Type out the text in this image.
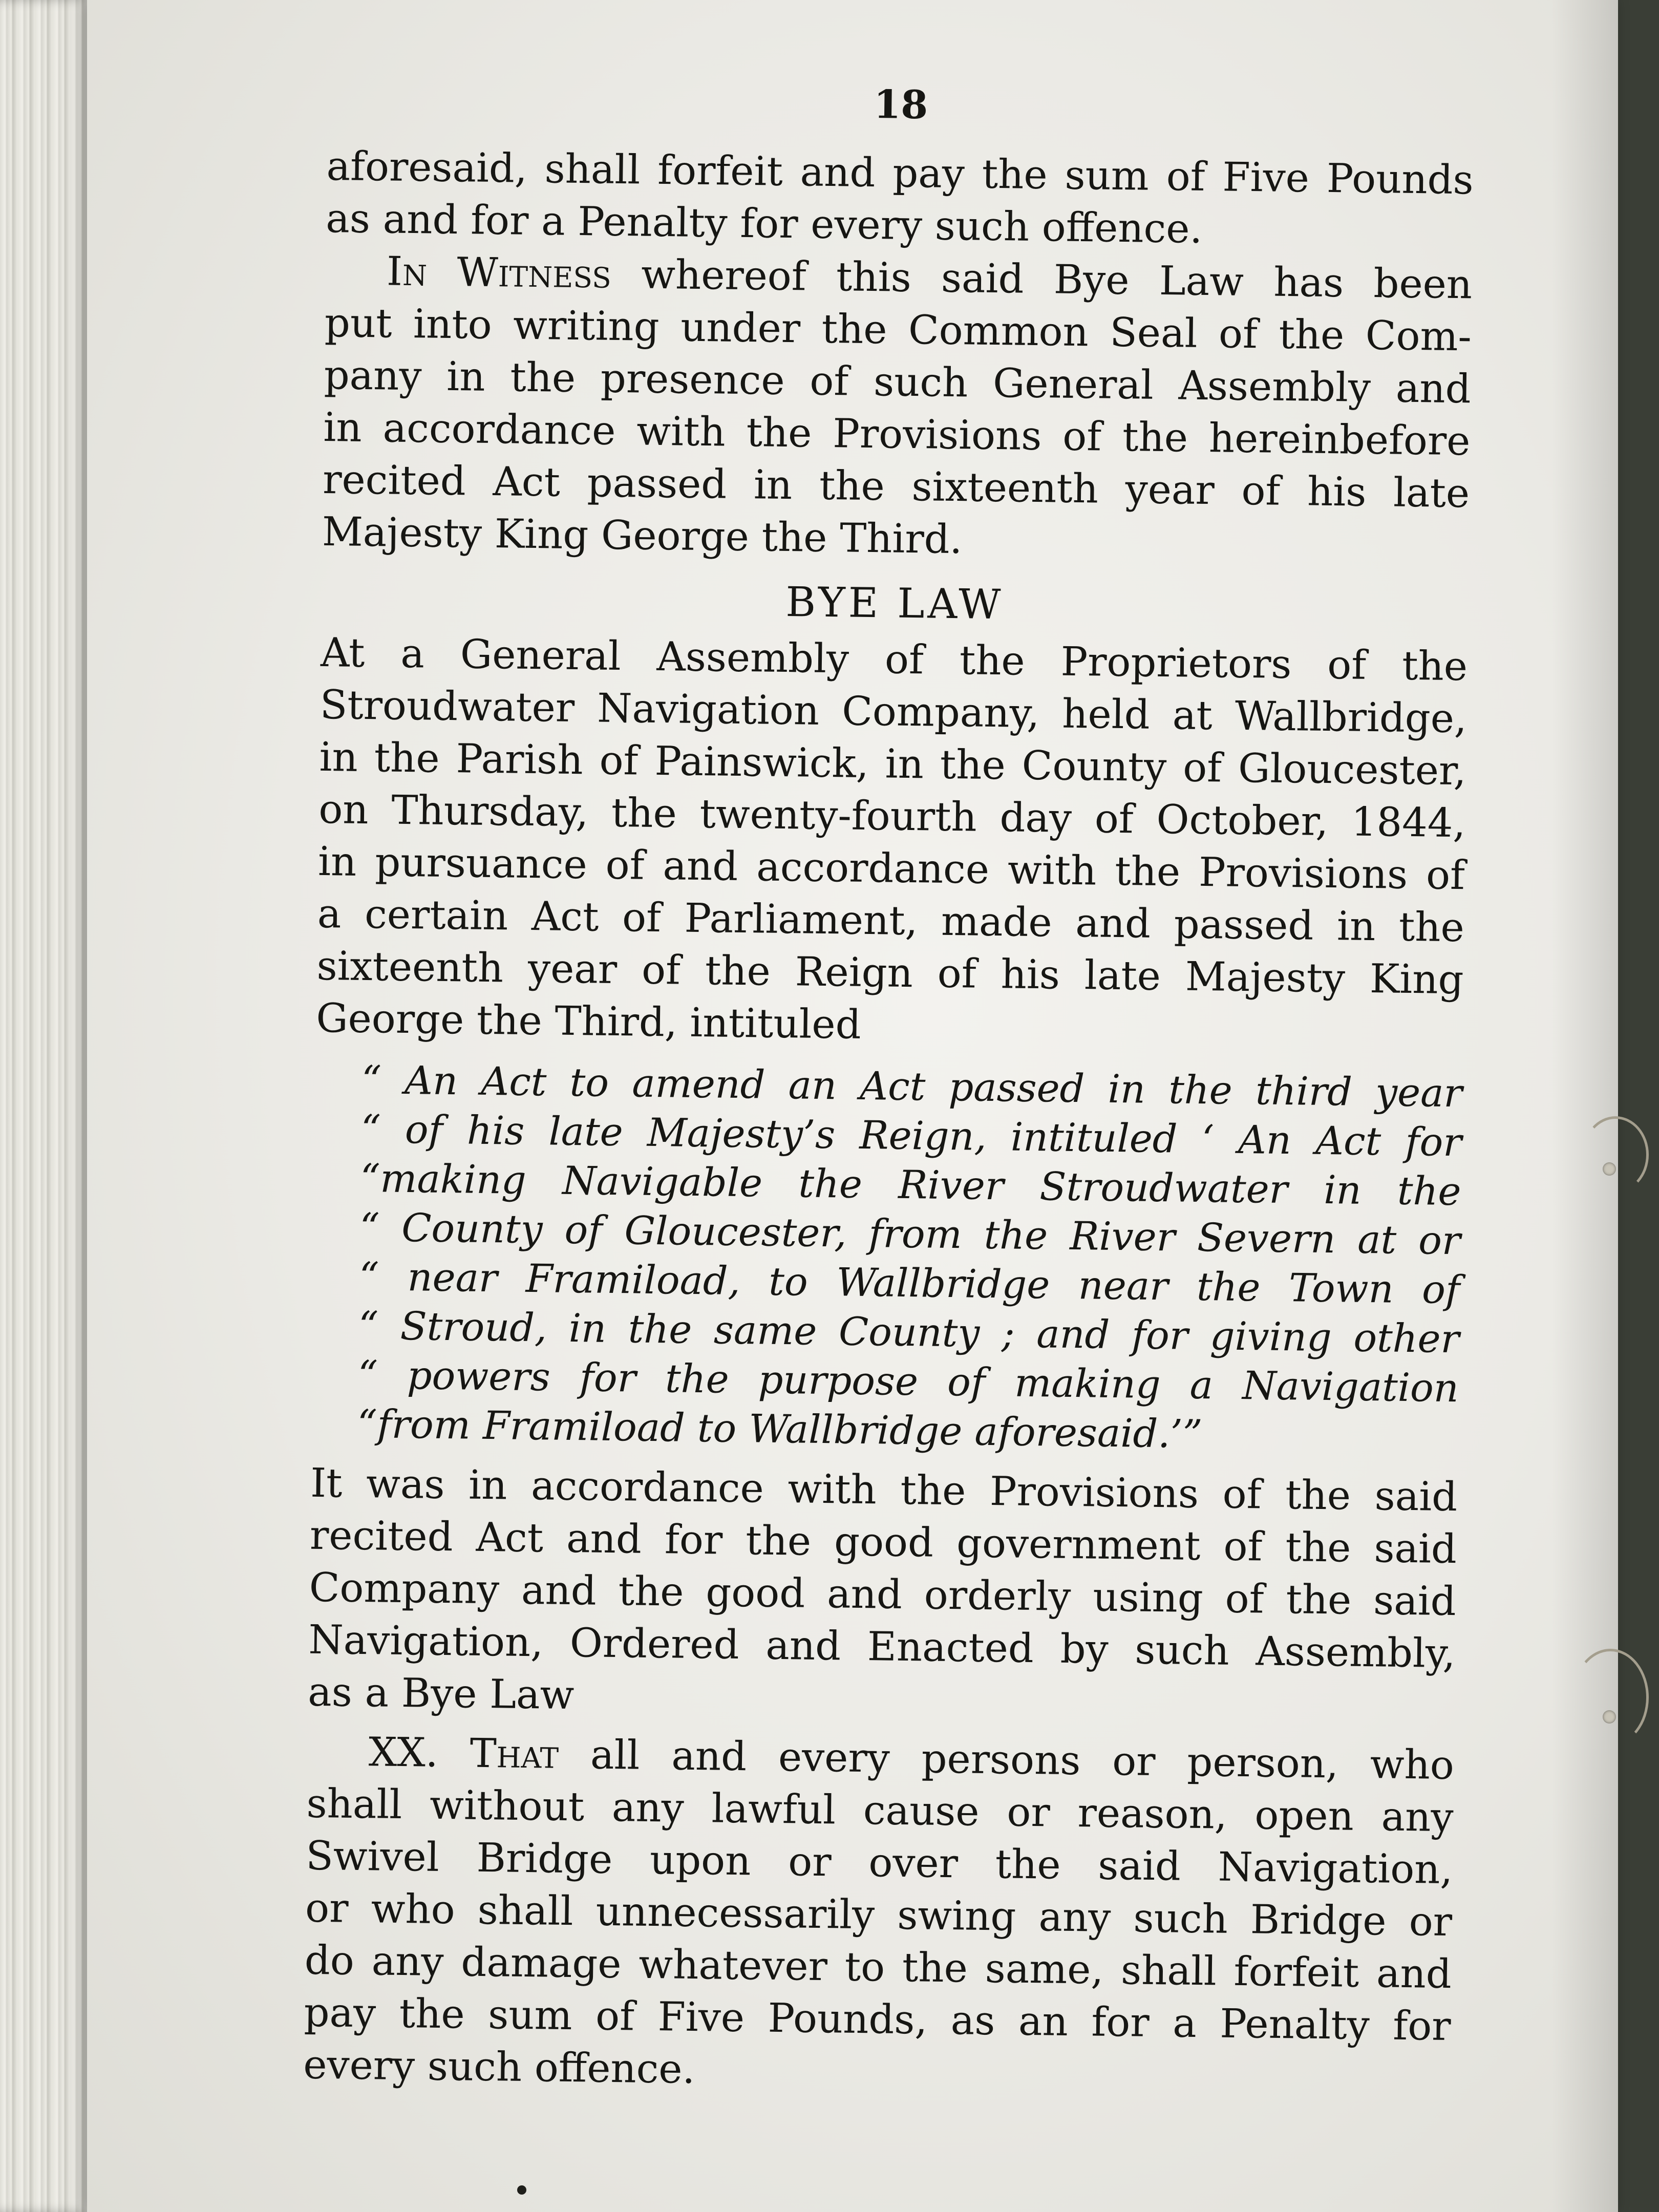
18
aforesaid, shall forfeit and pay the sum of Five Pounds
as and for a Penalty for every such offence.
In Witness whereof this said Bye Law has been
put into writing under the Common Seal of the Com-
pany in the presence of such General Assembly and
in accordance with the Provisions of the hereinbefore
recited Act passed in the sixteenth year of his late
Majesty King George the Third.
BYE LAW
At a General Assembly of the Proprietors of the
Stroudwater Navigation Company, held at Wallbridge,
in the Parish of Painswick, in the County of Gloucester,
on Thursday, the twenty-fourth day of October, 1844,
in pursuance of and accordance with the Provisions of
a certain Act of Parliament, made and passed in the
sixteenth year of the Reign of his late Majesty King
George the Third, intituled
“ An Act to amend an Act passed in the third year
“ of his late Majesty’s Reign, intituled ‘ An Act for
“making Navigable the River Stroudwater in the
“ County of Gloucester, from the River Severn at or
“ near Framiload, to Wallbridge near the Town of
“ Stroud, in the same County ; and for giving other
“ powers for the purpose of making a Navigation
“from Framiload to Wallbridge aforesaid.’”
It was in accordance with the Provisions of the said
recited Act and for the good government of the said
Company and the good and orderly using of the said
Navigation, Ordered and Enacted by such Assembly,
as a Bye Law
XX. That all and every persons or person, who
shall without any lawful cause or reason, open any
Swivel Bridge upon or over the said Navigation,
or who shall unnecessarily swing any such Bridge or
do any damage whatever to the same, shall forfeit and
pay the sum of Five Pounds, as an for a Penalty for
every such offence.
